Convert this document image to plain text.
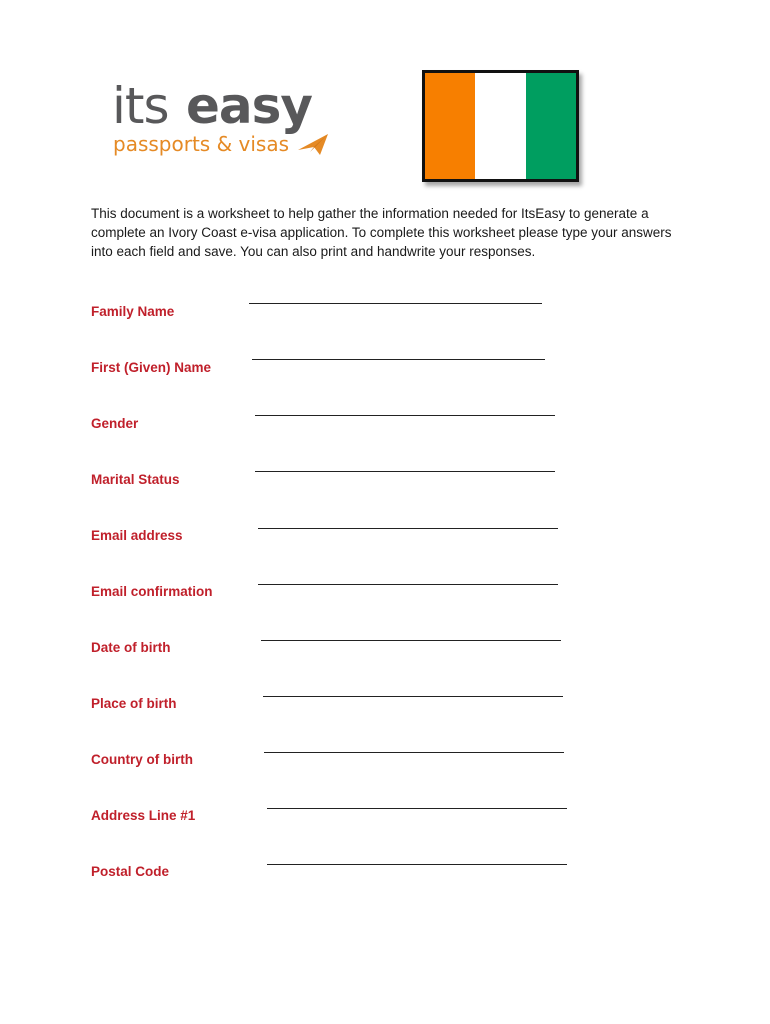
its easy
passports & visas
This document is a worksheet to help gather the information needed for ItsEasy to generate a complete an Ivory Coast e-visa application. To complete this worksheet please type your answers into each field and save. You can also print and handwrite your responses.
Family Name
First (Given) Name
Gender
Marital Status
Email address
Email confirmation
Date of birth
Place of birth
Country of birth
Address Line #1
Postal Code
